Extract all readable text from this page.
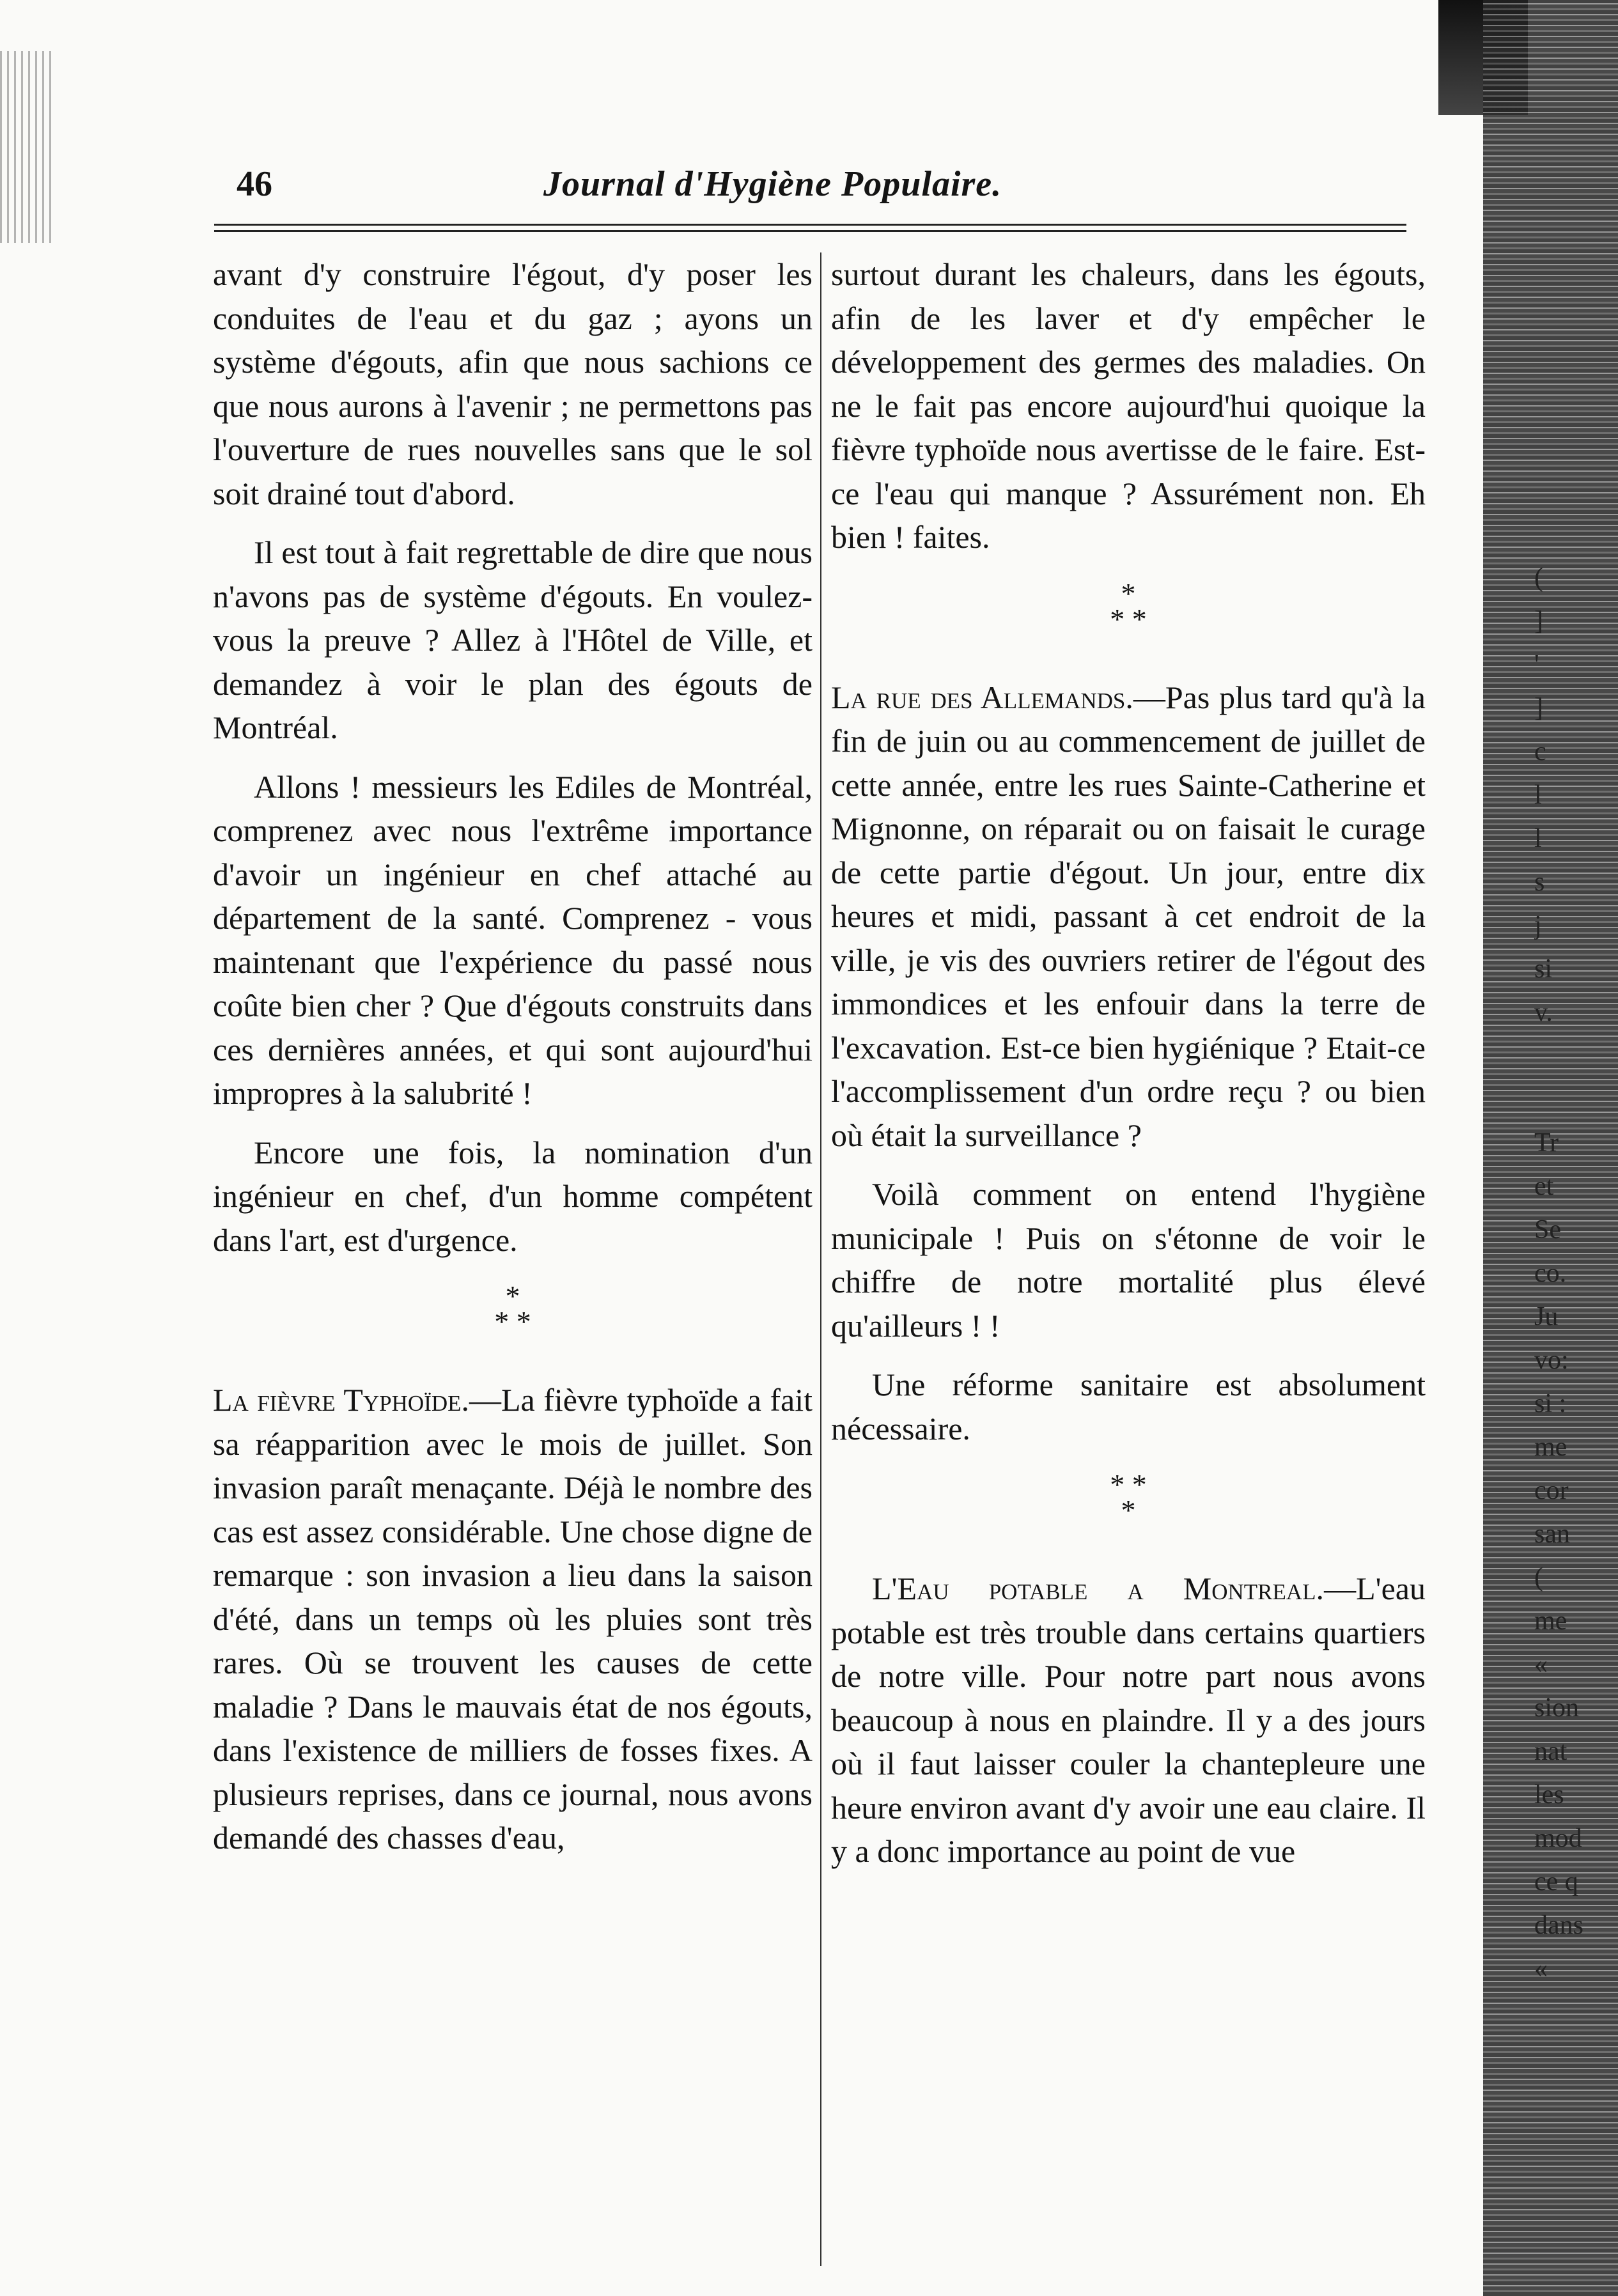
46	Journal d'Hygiène Populaire.

avant d'y construire l'égout, d'y poser les conduites de l'eau et du gaz ; ayons un système d'égouts, afin que nous sachions ce que nous aurons à l'avenir ; ne permettons pas l'ouverture de rues nouvelles sans que le sol soit drainé tout d'abord.

Il est tout à fait regrettable de dire que nous n'avons pas de système d'égouts. En voulez-vous la preuve ? Allez à l'Hôtel de Ville, et demandez à voir le plan des égouts de Montréal.

Allons ! messieurs les Ediles de Montréal, comprenez avec nous l'extrême importance d'avoir un ingénieur en chef attaché au département de la santé. Comprenez - vous maintenant que l'expérience du passé nous coûte bien cher ? Que d'égouts construits dans ces dernières années, et qui sont aujourd'hui impropres à la salubrité !

Encore une fois, la nomination d'un ingénieur en chef, d'un homme compétent dans l'art, est d'urgence.

*
* *

La fièvre Typhoïde.—La fièvre typhoïde a fait sa réapparition avec le mois de juillet. Son invasion paraît menaçante. Déjà le nombre des cas est assez considérable. Une chose digne de remarque : son invasion a lieu dans la saison d'été, dans un temps où les pluies sont très rares. Où se trouvent les causes de cette maladie ? Dans le mauvais état de nos égouts, dans l'existence de milliers de fosses fixes. A plusieurs reprises, dans ce journal, nous avons demandé des chasses d'eau,

surtout durant les chaleurs, dans les égouts, afin de les laver et d'y empêcher le développement des germes des maladies. On ne le fait pas encore aujourd'hui quoique la fièvre typhoïde nous avertisse de le faire. Est-ce l'eau qui manque ? Assurément non. Eh bien ! faites.

*
* *

La rue des Allemands.—Pas plus tard qu'à la fin de juin ou au commencement de juillet de cette année, entre les rues Sainte-Catherine et Mignonne, on réparait ou on faisait le curage de cette partie d'égout. Un jour, entre dix heures et midi, passant à cet endroit de la ville, je vis des ouvriers retirer de l'égout des immondices et les enfouir dans la terre de l'excavation. Est-ce bien hygiénique ? Etait-ce l'accomplissement d'un ordre reçu ? ou bien où était la surveillance ?

Voilà comment on entend l'hygiène municipale ! Puis on s'étonne de voir le chiffre de notre mortalité plus élevé qu'ailleurs ! !

Une réforme sanitaire est absolument nécessaire.

* *
*

L'Eau potable a Montreal.—L'eau potable est très trouble dans certains quartiers de notre ville. Pour notre part nous avons beaucoup à nous en plaindre. Il y a des jours où il faut laisser couler la chantepleure une heure environ avant d'y avoir une eau claire. Il y a donc importance au point de vue

(
]
'
]
c
l
l
s
j
si
v.
Tr
et
Se
co.
Ju
vo:
si :
me
cor
san
(
me
«
sion
nat
les
mod
ce q
dans
«
